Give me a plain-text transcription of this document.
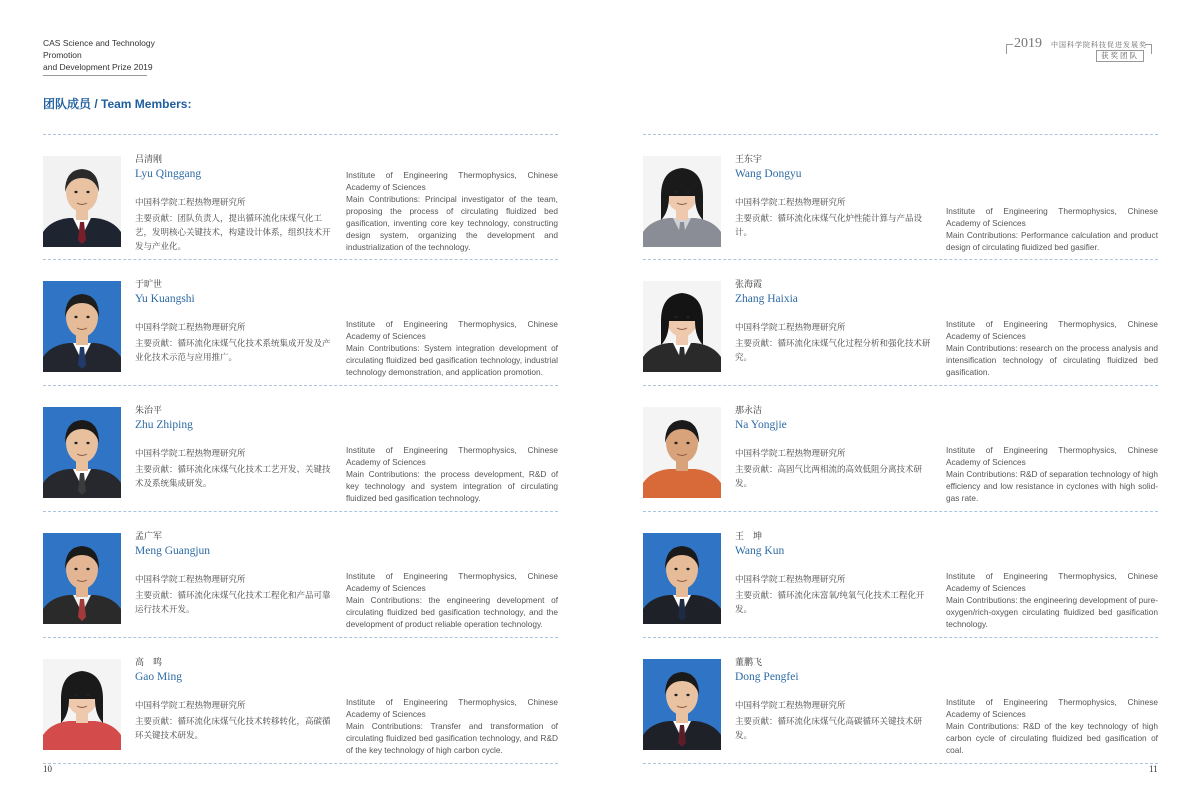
CAS Science and Technology Promotion
and Development Prize 2019
2019 中国科学院科技促进发展奖
获奖团队
团队成员 / Team Members:
吕清刚
Lyu Qinggang
中国科学院工程热物理研究所
主要贡献：团队负责人，提出循环流化床煤气化工艺，发明核心关键技术，构建设计体系，组织技术开发与产业化。
Institute of Engineering Thermophysics, Chinese Academy of Sciences
Main Contributions: Principal investigator of the team, proposing the process of circulating fluidized bed gasification, inventing core key technology, constructing design system, organizing the development and industrialization of the technology.
于旷世
Yu Kuangshi
中国科学院工程热物理研究所
主要贡献：循环流化床煤气化技术系统集成开发及产业化技术示范与应用推广。
Institute of Engineering Thermophysics, Chinese Academy of Sciences
Main Contributions: System integration development of circulating fluidized bed gasification technology, industrial technology demonstration, and application promotion.
朱治平
Zhu Zhiping
中国科学院工程热物理研究所
主要贡献：循环流化床煤气化技术工艺开发、关键技术及系统集成研发。
Institute of Engineering Thermophysics, Chinese Academy of Sciences
Main Contributions: the process development, R&D of key technology and system integration of circulating fluidized bed gasification technology.
孟广军
Meng Guangjun
中国科学院工程热物理研究所
主要贡献：循环流化床煤气化技术工程化和产品可靠运行技术开发。
Institute of Engineering Thermophysics, Chinese Academy of Sciences
Main Contributions: the engineering development of circulating fluidized bed gasification technology, and the development of product reliable operation technology.
高　鸣
Gao Ming
中国科学院工程热物理研究所
主要贡献：循环流化床煤气化技术转移转化，高碳循环关键技术研发。
Institute of Engineering Thermophysics, Chinese Academy of Sciences
Main Contributions: Transfer and transformation of circulating fluidized bed gasification technology, and R&D of the key technology of high carbon cycle.
王东宇
Wang Dongyu
中国科学院工程热物理研究所
主要贡献：循环流化床煤气化炉性能计算与产品设计。
Institute of Engineering Thermophysics, Chinese Academy of Sciences
Main Contributions: Performance calculation and product design of circulating fluidized bed gasifier.
张海霞
Zhang Haixia
中国科学院工程热物理研究所
主要贡献：循环流化床煤气化过程分析和强化技术研究。
Institute of Engineering Thermophysics, Chinese Academy of Sciences
Main Contributions: research on the process analysis and intensification technology of circulating fluidized bed gasification.
那永洁
Na Yongjie
中国科学院工程热物理研究所
主要贡献：高固气比两相流的高效低阻分离技术研发。
Institute of Engineering Thermophysics, Chinese Academy of Sciences
Main Contributions: R&D of separation technology of high efficiency and low resistance in cyclones with high solid-gas rate.
王　坤
Wang Kun
中国科学院工程热物理研究所
主要贡献：循环流化床富氧/纯氧气化技术工程化开发。
Institute of Engineering Thermophysics, Chinese Academy of Sciences
Main Contributions: the engineering development of pure-oxygen/rich-oxygen circulating fluidized bed gasification technology.
董鹏飞
Dong Pengfei
中国科学院工程热物理研究所
主要贡献：循环流化床煤气化高碳循环关键技术研发。
Institute of Engineering Thermophysics, Chinese Academy of Sciences
Main Contributions: R&D of the key technology of high carbon cycle of circulating fluidized bed gasification of coal.
10	11
